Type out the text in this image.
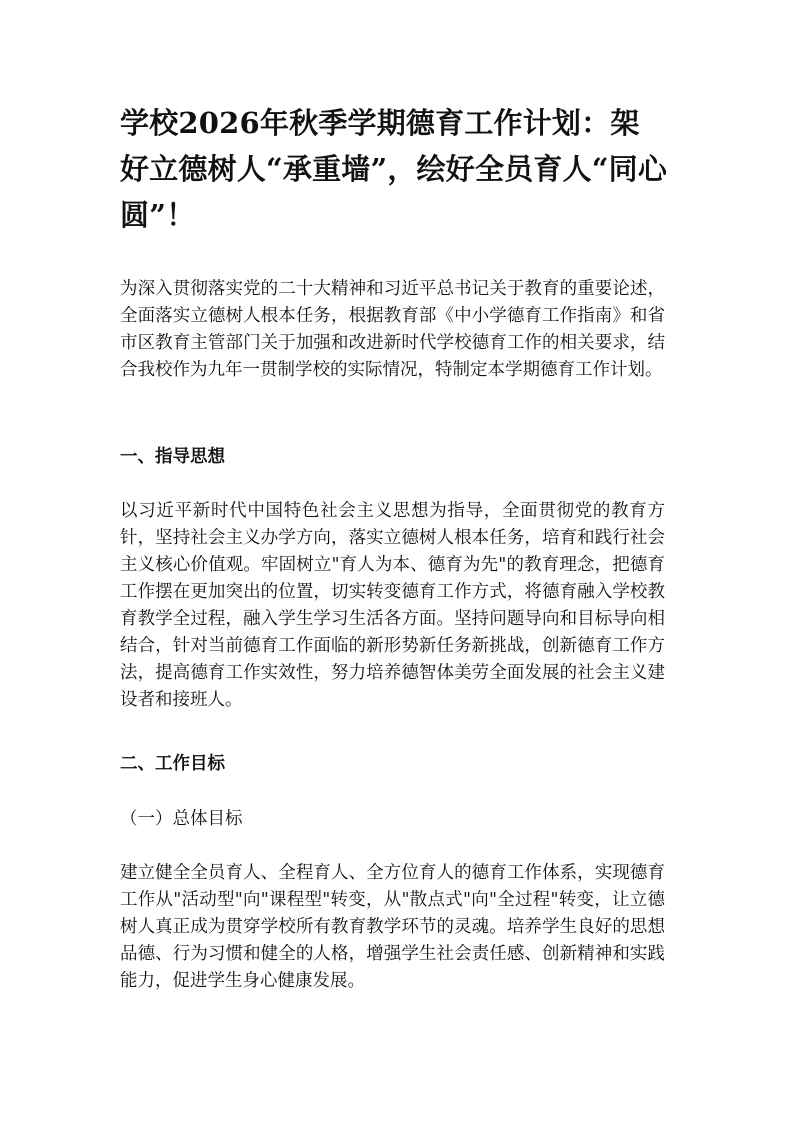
学校2026年秋季学期德育工作计划：架好立德树人“承重墙”，绘好全员育人“同心圆”！

为深入贯彻落实党的二十大精神和习近平总书记关于教育的重要论述，全面落实立德树人根本任务，根据教育部《中小学德育工作指南》和省市区教育主管部门关于加强和改进新时代学校德育工作的相关要求，结合我校作为九年一贯制学校的实际情况，特制定本学期德育工作计划。

一、指导思想

以习近平新时代中国特色社会主义思想为指导，全面贯彻党的教育方针，坚持社会主义办学方向，落实立德树人根本任务，培育和践行社会主义核心价值观。牢固树立"育人为本、德育为先"的教育理念，把德育工作摆在更加突出的位置，切实转变德育工作方式，将德育融入学校教育教学全过程，融入学生学习生活各方面。坚持问题导向和目标导向相结合，针对当前德育工作面临的新形势新任务新挑战，创新德育工作方法，提高德育工作实效性，努力培养德智体美劳全面发展的社会主义建设者和接班人。

二、工作目标
（一）总体目标

建立健全全员育人、全程育人、全方位育人的德育工作体系，实现德育工作从"活动型"向"课程型"转变，从"散点式"向"全过程"转变，让立德树人真正成为贯穿学校所有教育教学环节的灵魂。培养学生良好的思想品德、行为习惯和健全的人格，增强学生社会责任感、创新精神和实践能力，促进学生身心健康发展。
